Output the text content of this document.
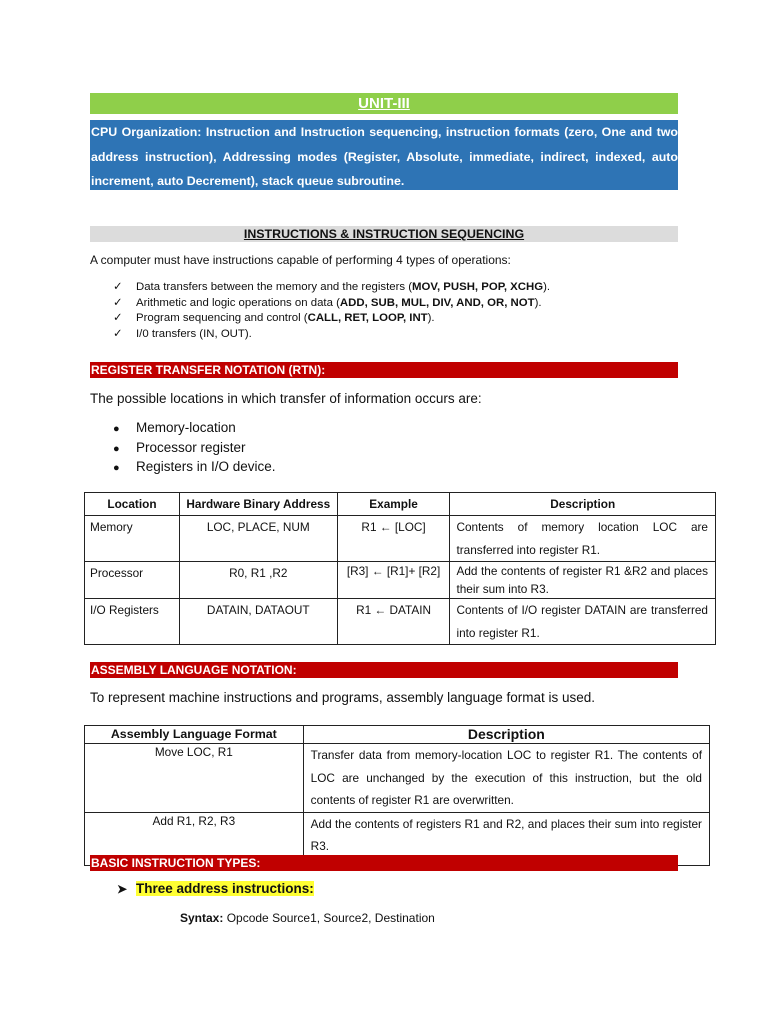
UNIT-III
CPU Organization: Instruction and Instruction sequencing, instruction formats (zero, One and two address instruction), Addressing modes (Register, Absolute, immediate, indirect, indexed, auto increment, auto Decrement), stack queue subroutine.
INSTRUCTIONS & INSTRUCTION SEQUENCING
A computer must have instructions capable of performing 4 types of operations:
✓ Data transfers between the memory and the registers (MOV, PUSH, POP, XCHG).
✓ Arithmetic and logic operations on data (ADD, SUB, MUL, DIV, AND, OR, NOT).
✓ Program sequencing and control (CALL, RET, LOOP, INT).
✓ I/0 transfers (IN, OUT).
REGISTER TRANSFER NOTATION (RTN):
The possible locations in which transfer of information occurs are:
● Memory-location
● Processor register
● Registers in I/O device.
Location	Hardware Binary Address	Example	Description
Memory	LOC, PLACE, NUM	R1 ← [LOC]	Contents of memory location LOC are transferred into register R1.
Processor	R0, R1 ,R2	[R3] ← [R1]+ [R2]	Add the contents of register R1 &R2 and places their sum into R3.
I/O Registers	DATAIN, DATAOUT	R1 ← DATAIN	Contents of I/O register DATAIN are transferred into register R1.
ASSEMBLY LANGUAGE NOTATION:
To represent machine instructions and programs, assembly language format is used.
Assembly Language Format	Description
Move LOC, R1	Transfer data from memory-location LOC to register R1. The contents of LOC are unchanged by the execution of this instruction, but the old contents of register R1 are overwritten.
Add R1, R2, R3	Add the contents of registers R1 and R2, and places their sum into register R3.
BASIC INSTRUCTION TYPES:
➤ Three address instructions:
Syntax: Opcode Source1, Source2, Destination
